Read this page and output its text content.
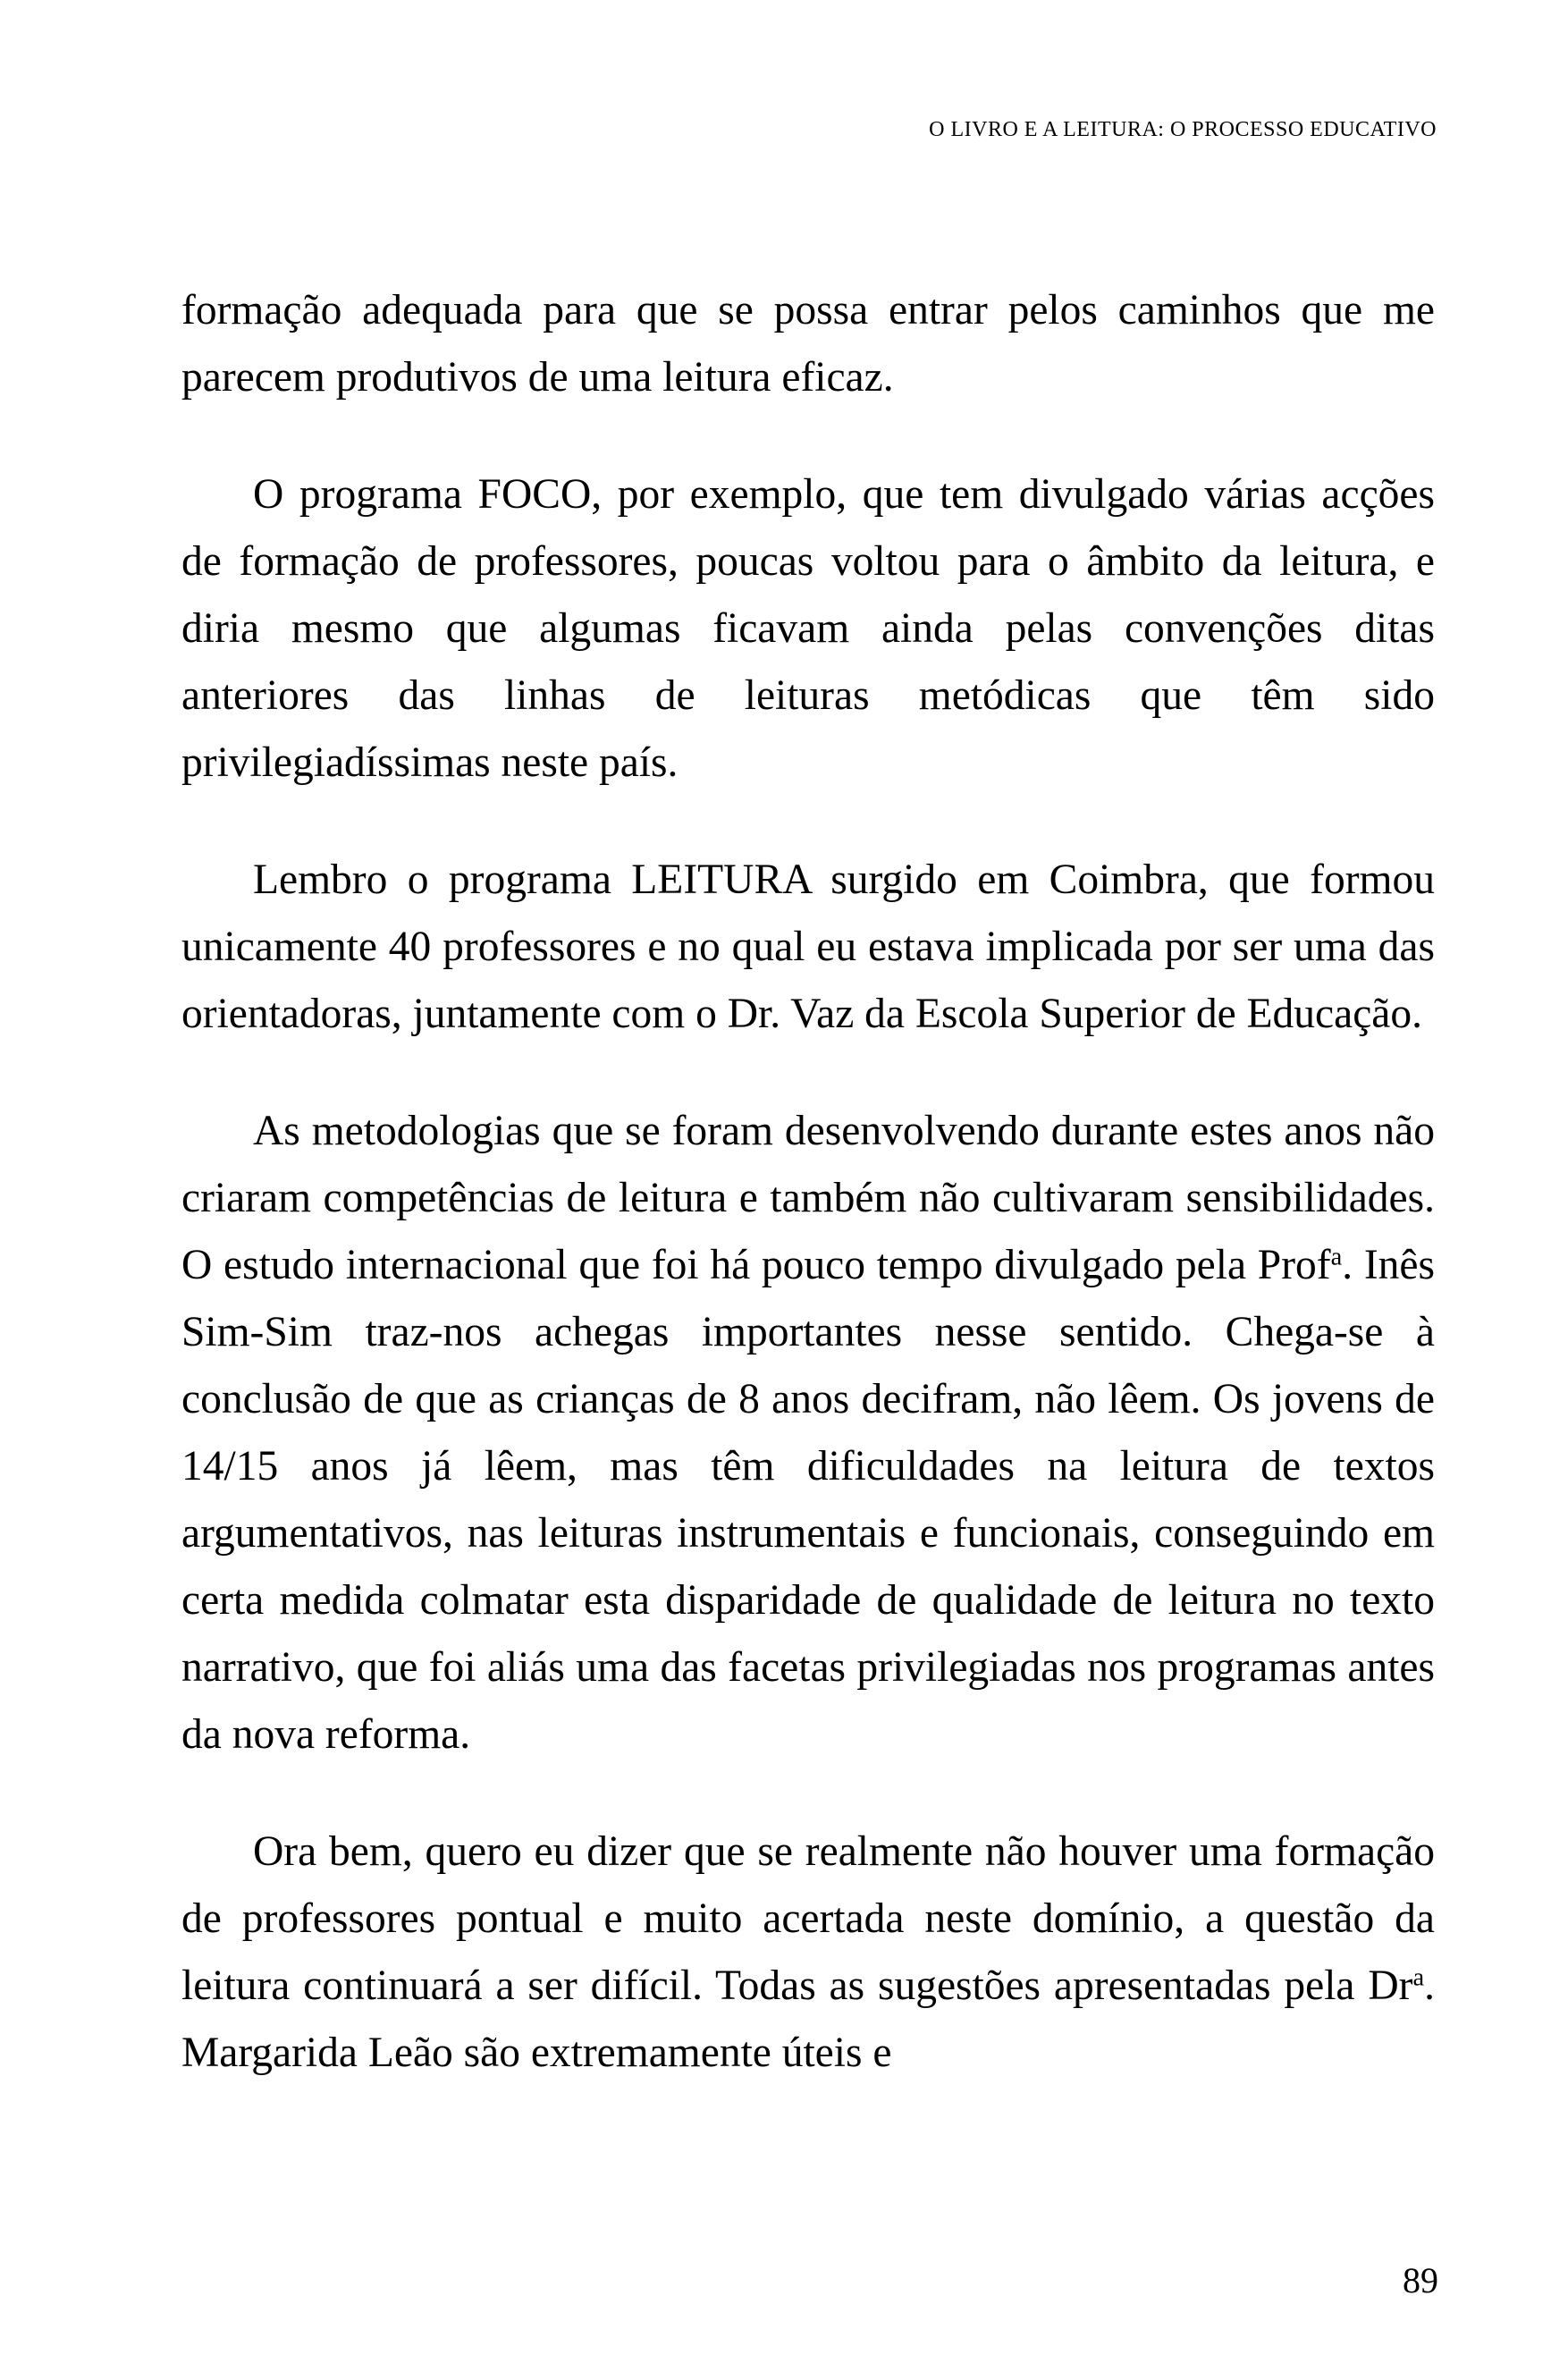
O LIVRO E A LEITURA: O PROCESSO EDUCATIVO

formação adequada para que se possa entrar pelos caminhos que me parecem produtivos de uma leitura eficaz.

O programa FOCO, por exemplo, que tem divulgado várias acções de formação de professores, poucas voltou para o âmbito da leitura, e diria mesmo que algumas ficavam ainda pelas convenções ditas anteriores das linhas de leituras metódicas que têm sido privilegiadíssimas neste país.

Lembro o programa LEITURA surgido em Coimbra, que formou unicamente 40 professores e no qual eu estava implicada por ser uma das orientadoras, juntamente com o Dr. Vaz da Escola Superior de Educação.

As metodologias que se foram desenvolvendo durante estes anos não criaram competências de leitura e também não cultivaram sensibilidades. O estudo internacional que foi há pouco tempo divulgado pela Prof$^a$. Inês Sim-Sim traz-nos achegas importantes nesse sentido. Chega-se à conclusão de que as crianças de 8 anos decifram, não lêem. Os jovens de 14/15 anos já lêem, mas têm dificuldades na leitura de textos argumentativos, nas leituras instrumentais e funcionais, conseguindo em certa medida colmatar esta disparidade de qualidade de leitura no texto narrativo, que foi aliás uma das facetas privilegiadas nos programas antes da nova reforma.

Ora bem, quero eu dizer que se realmente não houver uma formação de professores pontual e muito acertada neste domínio, a questão da leitura continuará a ser difícil. Todas as sugestões apresentadas pela Dr$^a$. Margarida Leão são extremamente úteis e

89
